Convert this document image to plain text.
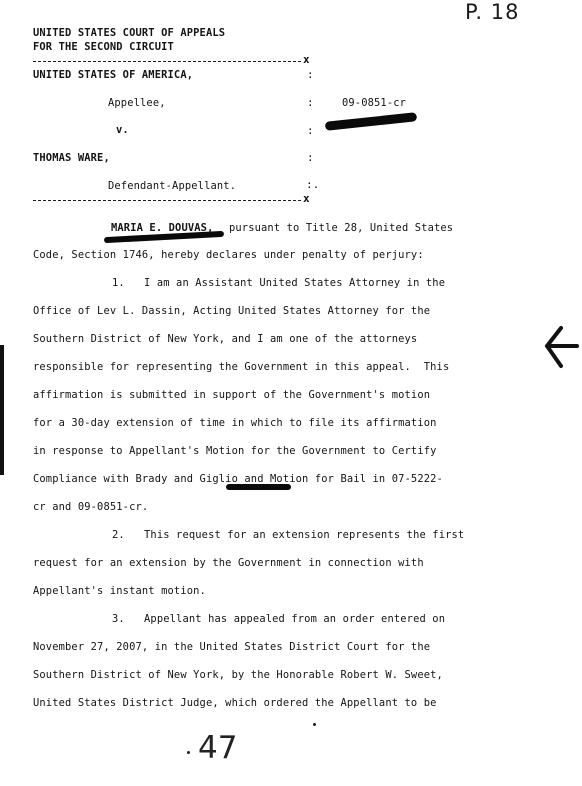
P. 18
UNITED STATES COURT OF APPEALS
FOR THE SECOND CIRCUIT
x
UNITED STATES OF AMERICA,	:
Appellee,	:	09-0851-cr
v.	:
THOMAS WARE,	:
Defendant-Appellant.	:.
x

MARIA E. DOUVAS,

pursuant to Title 28, United States

Code, Section 1746, hereby declares under penalty of perjury:
1.   I am an Assistant United States Attorney in the
Office of Lev L. Dassin, Acting United States Attorney for the
Southern District of New York, and I am one of the attorneys
responsible for representing the Government in this appeal.  This
affirmation is submitted in support of the Government's motion
for a 30-day extension of time in which to file its affirmation
in response to Appellant's Motion for the Government to Certify
Compliance with Brady and Giglio and Motion for Bail in 07-5222-
cr and 09-0851-cr.
2.   This request for an extension represents the first
request for an extension by the Government in connection with
Appellant's instant motion.
3.   Appellant has appealed from an order entered on
November 27, 2007, in the United States District Court for the
Southern District of New York, by the Honorable Robert W. Sweet,
United States District Judge, which ordered the Appellant to be
47
